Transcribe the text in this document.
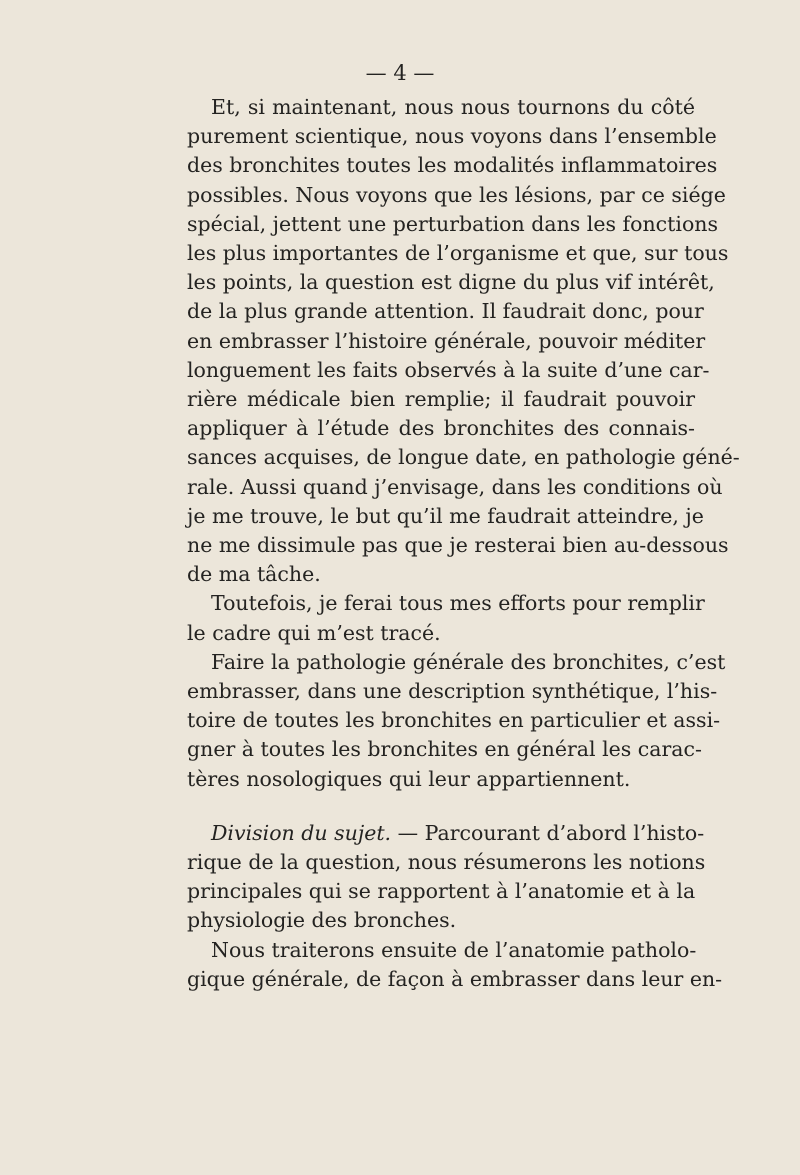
— 4 —
Et, si maintenant, nous nous tournons du côté
purement scientique, nous voyons dans l’ensemble
des bronchites toutes les modalités inflammatoires
possibles. Nous voyons que les lésions, par ce siége
spécial, jettent une perturbation dans les fonctions
les plus importantes de l’organisme et que, sur tous
les points, la question est digne du plus vif intérêt,
de la plus grande attention. Il faudrait donc, pour
en embrasser l’histoire générale, pouvoir méditer
longuement les faits observés à la suite d’une car-
rière médicale bien remplie; il faudrait pouvoir
appliquer à l’étude des bronchites des connais-
sances acquises, de longue date, en pathologie géné-
rale. Aussi quand j’envisage, dans les conditions où
je me trouve, le but qu’il me faudrait atteindre, je
ne me dissimule pas que je resterai bien au-dessous
de ma tâche.
Toutefois, je ferai tous mes efforts pour remplir
le cadre qui m’est tracé.
Faire la pathologie générale des bronchites, c’est
embrasser, dans une description synthétique, l’his-
toire de toutes les bronchites en particulier et assi-
gner à toutes les bronchites en général les carac-
tères nosologiques qui leur appartiennent.
Division du sujet. — Parcourant d’abord l’histo-
rique de la question, nous résumerons les notions
principales qui se rapportent à l’anatomie et à la
physiologie des bronches.
Nous traiterons ensuite de l’anatomie patholo-
gique générale, de façon à embrasser dans leur en-
